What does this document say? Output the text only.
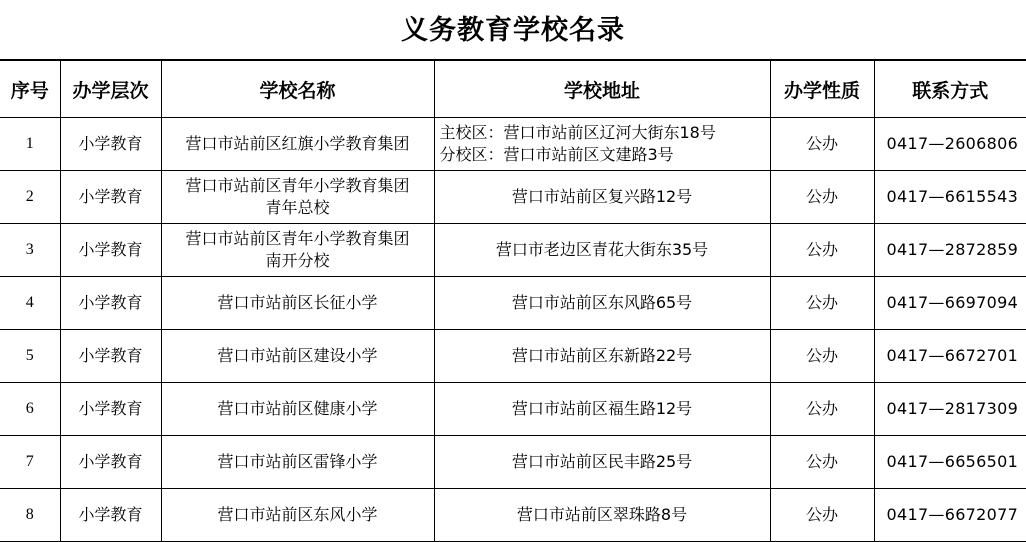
义务教育学校名录
序号	办学层次	学校名称	学校地址	办学性质	联系方式
1	小学教育	营口市站前区红旗小学教育集团	主校区：营口市站前区辽河大街东18号
分校区：营口市站前区文建路3号	公办	0417—2606806
2	小学教育	营口市站前区青年小学教育集团
青年总校	营口市站前区复兴路12号	公办	0417—6615543
3	小学教育	营口市站前区青年小学教育集团
南开分校	营口市老边区青花大街东35号	公办	0417—2872859
4	小学教育	营口市站前区长征小学	营口市站前区东风路65号	公办	0417—6697094
5	小学教育	营口市站前区建设小学	营口市站前区东新路22号	公办	0417—6672701
6	小学教育	营口市站前区健康小学	营口市站前区福生路12号	公办	0417—2817309
7	小学教育	营口市站前区雷锋小学	营口市站前区民丰路25号	公办	0417—6656501
8	小学教育	营口市站前区东风小学	营口市站前区翠珠路8号	公办	0417—6672077
